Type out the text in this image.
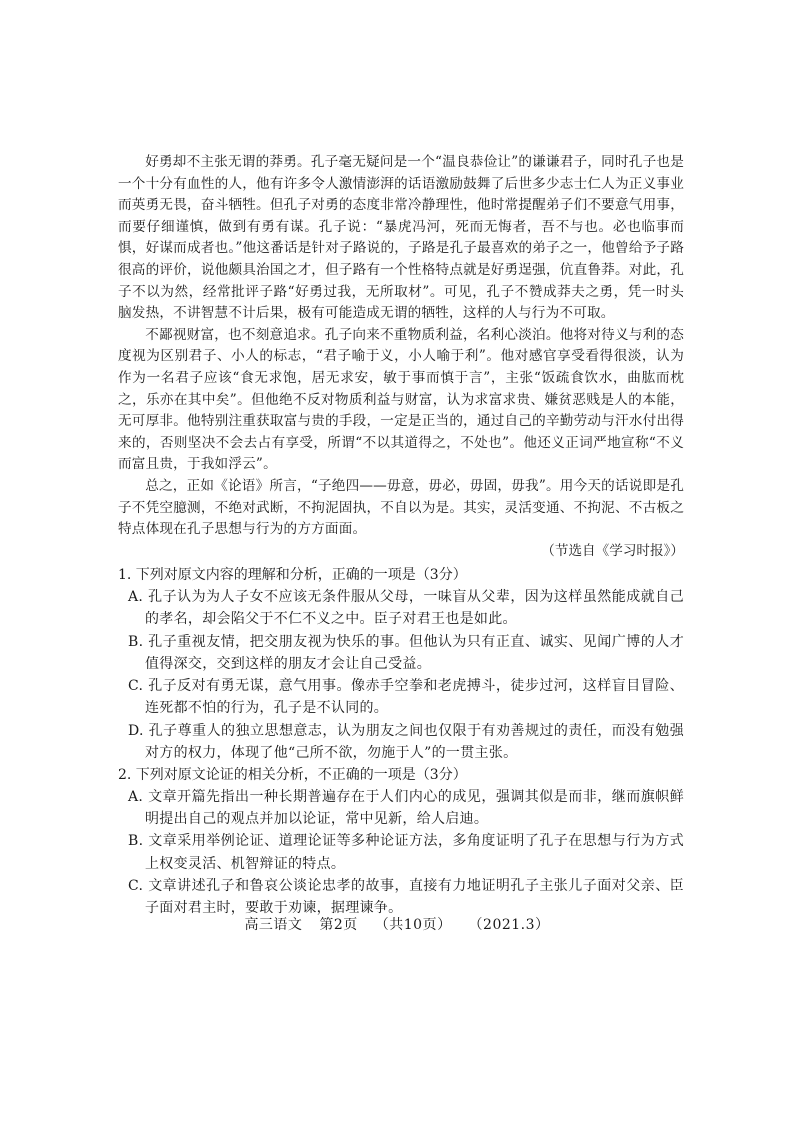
好勇却不主张无谓的莽勇。孔子毫无疑问是一个“温良恭俭让”的谦谦君子，同时孔子也是一个十分有血性的人，他有许多令人激情澎湃的话语激励鼓舞了后世多少志士仁人为正义事业而英勇无畏，奋斗牺牲。但孔子对勇的态度非常冷静理性，他时常提醒弟子们不要意气用事，而要仔细谨慎，做到有勇有谋。孔子说：“暴虎冯河，死而无悔者，吾不与也。必也临事而惧，好谋而成者也。”他这番话是针对子路说的，子路是孔子最喜欢的弟子之一，他曾给予子路很高的评价，说他颇具治国之才，但子路有一个性格特点就是好勇逞强，伉直鲁莽。对此，孔子不以为然，经常批评子路“好勇过我，无所取材”。可见，孔子不赞成莽夫之勇，凭一时头脑发热，不讲智慧不计后果，极有可能造成无谓的牺牲，这样的人与行为不可取。

不鄙视财富，也不刻意追求。孔子向来不重物质利益，名利心淡泊。他将对待义与利的态度视为区别君子、小人的标志，“君子喻于义，小人喻于利”。他对感官享受看得很淡，认为作为一名君子应该“食无求饱，居无求安，敏于事而慎于言”，主张“饭疏食饮水，曲肱而枕之，乐亦在其中矣”。但他绝不反对物质利益与财富，认为求富求贵、嫌贫恶贱是人的本能，无可厚非。他特别注重获取富与贵的手段，一定是正当的，通过自己的辛勤劳动与汗水付出得来的，否则坚决不会去占有享受，所谓“不以其道得之，不处也”。他还义正词严地宣称“不义而富且贵，于我如浮云”。

总之，正如《论语》所言，“子绝四——毋意，毋必，毋固，毋我”。用今天的话说即是孔子不凭空臆测，不绝对武断，不拘泥固执，不自以为是。其实，灵活变通、不拘泥、不古板之特点体现在孔子思想与行为的方方面面。

（节选自《学习时报》）

1. 下列对原文内容的理解和分析，正确的一项是（3分）

A. 孔子认为为人子女不应该无条件服从父母，一味盲从父辈，因为这样虽然能成就自己的孝名，却会陷父于不仁不义之中。臣子对君王也是如此。

B. 孔子重视友情，把交朋友视为快乐的事。但他认为只有正直、诚实、见闻广博的人才值得深交，交到这样的朋友才会让自己受益。

C. 孔子反对有勇无谋，意气用事。像赤手空拳和老虎搏斗，徒步过河，这样盲目冒险、连死都不怕的行为，孔子是不认同的。

D. 孔子尊重人的独立思想意志，认为朋友之间也仅限于有劝善规过的责任，而没有勉强对方的权力，体现了他“己所不欲，勿施于人”的一贯主张。

2. 下列对原文论证的相关分析，不正确的一项是（3分）

A. 文章开篇先指出一种长期普遍存在于人们内心的成见，强调其似是而非，继而旗帜鲜明提出自己的观点并加以论证，常中见新，给人启迪。

B. 文章采用举例论证、道理论证等多种论证方法，多角度证明了孔子在思想与行为方式上权变灵活、机智辩证的特点。

C. 文章讲述孔子和鲁哀公谈论忠孝的故事，直接有力地证明孔子主张儿子面对父亲、臣子面对君主时，要敢于劝谏，据理谏争。

高三语文 第2页 （共10页） （2021.3）
